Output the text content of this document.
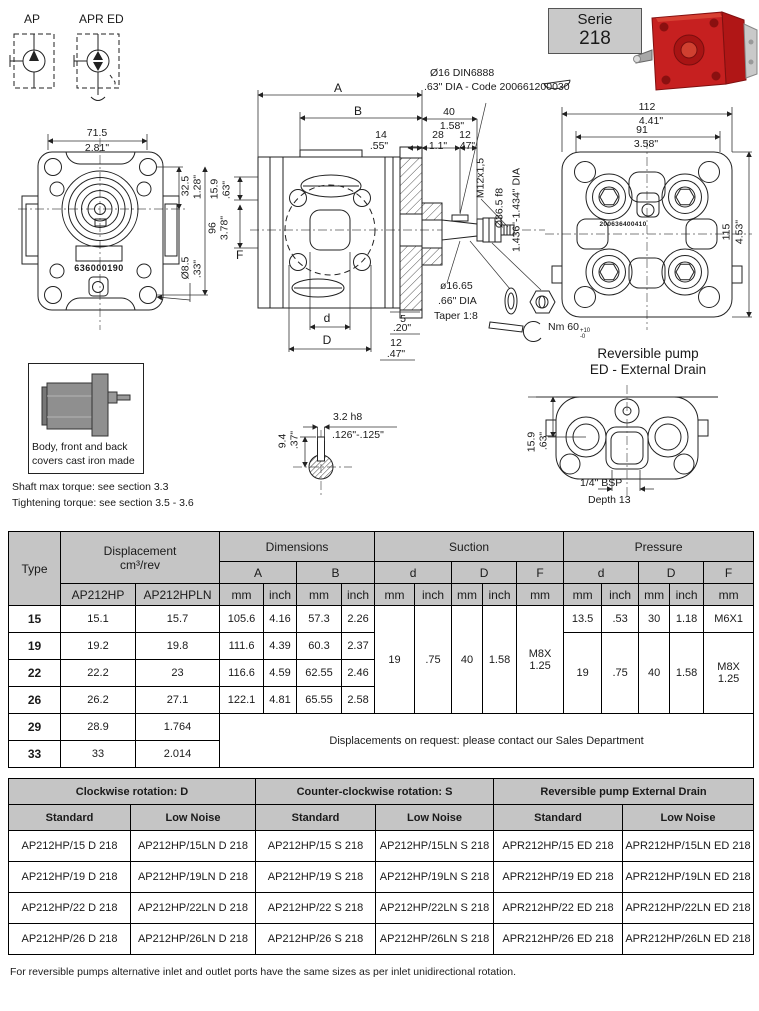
AP	APR ED	Serie
218
Ø16 DIN6888
.63" DIA - Code 200661200030
71.5
2.81"
32.5 1.28"
96 3.78"
Ø8.5 .33"
636000190
A
B	40
1.58"
14
.55"
28
1.1"
12
.47"
M12x1,5
Ø36.5 f8 1.436"-1.434" DIA
15.9 .63"
F
d
D
5
.20"
12
.47"
ø16.65
.66" DIA
Taper 1:8
Nm 60 +10
-0
112
4.41"
91
3.58"
115 4.53"
200636400410
Reversible pump
ED - External Drain
15.9 .63"
1/4" BSP
Depth 13
3.2 h8
.126"-.125"
9.4 .37"
Body, front and back
covers cast iron made
Shaft max torque: see section 3.3
Tightening torque: see section 3.5 - 3.6
Type	Displacement
cm³/rev		Dimensions				Suction					Pressure				
			A		B		d		D		F	d		D		F
	AP212HP	AP212HPLN	mm	inch	mm	inch	mm	inch	mm	inch	mm	mm	inch	mm	inch	mm
15	15.1	15.7	105.6	4.16	57.3	2.26	19	.75	40	1.58	M8X 1.25	13.5	.53	30	1.18	M6X1
19	19.2	19.8	111.6	4.39	60.3	2.37						19	.75	40	1.58	M8X 1.25
22	22.2	23	116.6	4.59	62.55	2.46										
26	26.2	27.1	122.1	4.81	65.55	2.58										
29	28.9	1.764	Displacements on request: please contact our Sales Department													
33	33	2.014														
Clockwise rotation: D		Counter-clockwise rotation: S		Reversible pump External Drain	
Standard	Low Noise	Standard	Low Noise	Standard	Low Noise
AP212HP/15 D 218	AP212HP/15LN D 218	AP212HP/15 S 218	AP212HP/15LN S 218	APR212HP/15 ED 218	APR212HP/15LN ED 218
AP212HP/19 D 218	AP212HP/19LN D 218	AP212HP/19 S 218	AP212HP/19LN S 218	APR212HP/19 ED 218	APR212HP/19LN ED 218
AP212HP/22 D 218	AP212HP/22LN D 218	AP212HP/22 S 218	AP212HP/22LN S 218	APR212HP/22 ED 218	APR212HP/22LN ED 218
AP212HP/26 D 218	AP212HP/26LN D 218	AP212HP/26 S 218	AP212HP/26LN S 218	APR212HP/26 ED 218	APR212HP/26LN ED 218
For reversible pumps alternative inlet and outlet ports have the same sizes as per inlet unidirectional rotation.
